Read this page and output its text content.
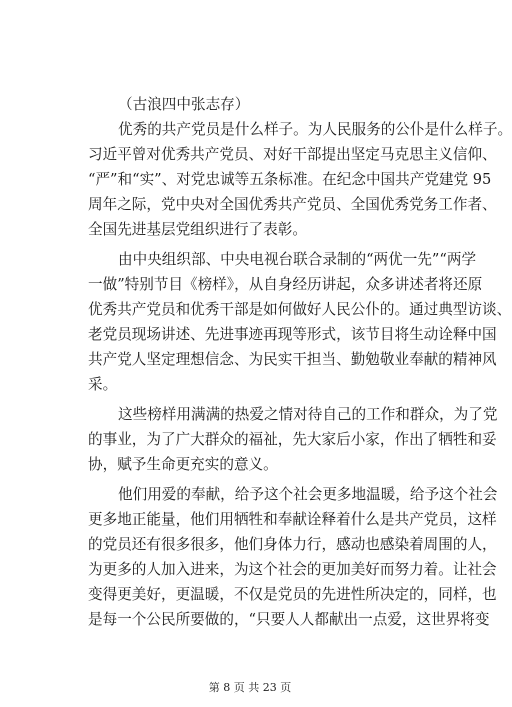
（古浪四中张志存）
优秀的共产党员是什么样子。为人民服务的公仆是什么样子。
习近平曾对优秀共产党员、对好干部提出坚定马克思主义信仰、
“严”和“实”、对党忠诚等五条标准。在纪念中国共产党建党 95
周年之际，党中央对全国优秀共产党员、全国优秀党务工作者、
全国先进基层党组织进行了表彰。
由中央组织部、中央电视台联合录制的“两优一先”“两学
一做”特别节目《榜样》，从自身经历讲起，众多讲述者将还原
优秀共产党员和优秀干部是如何做好人民公仆的。通过典型访谈、
老党员现场讲述、先进事迹再现等形式，该节目将生动诠释中国
共产党人坚定理想信念、为民实干担当、勤勉敬业奉献的精神风
采。
这些榜样用满满的热爱之情对待自己的工作和群众，为了党
的事业，为了广大群众的福祉，先大家后小家，作出了牺牲和妥
协，赋予生命更充实的意义。
他们用爱的奉献，给予这个社会更多地温暖，给予这个社会
更多地正能量，他们用牺牲和奉献诠释着什么是共产党员，这样
的党员还有很多很多，他们身体力行，感动也感染着周围的人，
为更多的人加入进来，为这个社会的更加美好而努力着。让社会
变得更美好，更温暖，不仅是党员的先进性所决定的，同样，也
是每一个公民所要做的，“只要人人都献出一点爱，这世界将变
第 8 页 共 23 页
